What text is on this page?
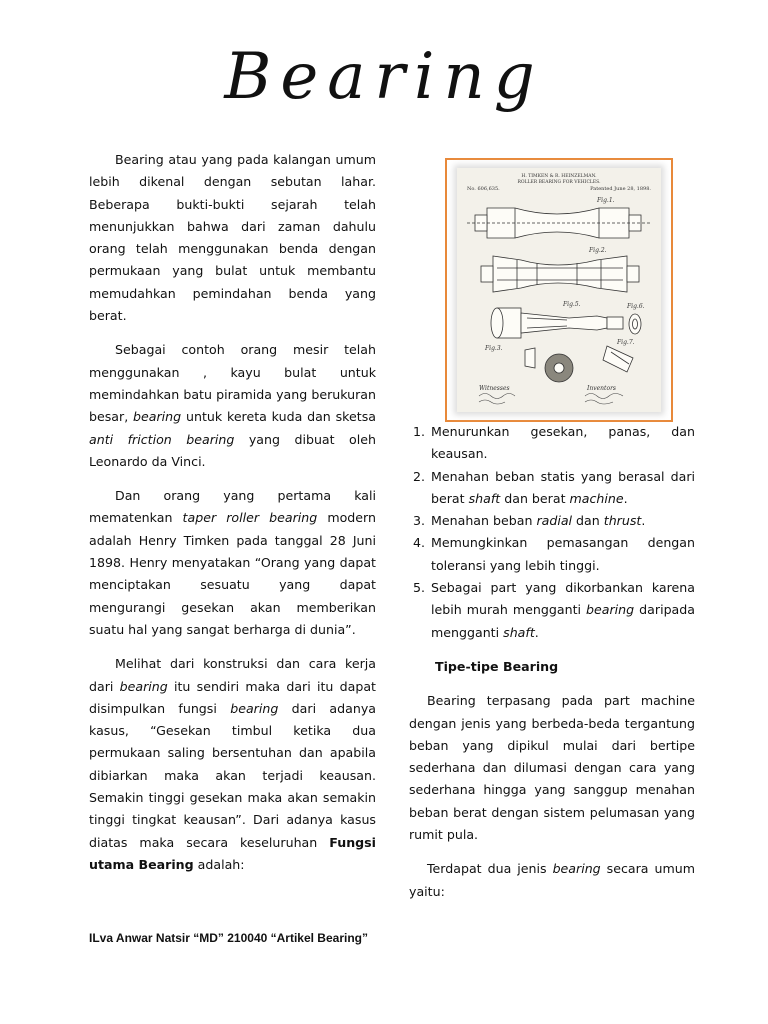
Bearing

Bearing atau yang pada kalangan umum lebih dikenal dengan sebutan lahar. Beberapa bukti-bukti sejarah telah menunjukkan bahwa dari zaman dahulu orang telah menggunakan benda dengan permukaan yang bulat untuk membantu memudahkan pemindahan benda yang berat.

Sebagai contoh orang mesir telah menggunakan , kayu bulat untuk memindahkan batu piramida yang berukuran besar, bearing untuk kereta kuda dan sketsa anti friction bearing yang dibuat oleh Leonardo da Vinci.

Dan orang yang pertama kali mematenkan taper roller bearing modern adalah Henry Timken pada tanggal 28 Juni 1898. Henry menyatakan “Orang yang dapat menciptakan sesuatu yang dapat mengurangi gesekan akan memberikan suatu hal yang sangat berharga di dunia”.

Melihat dari konstruksi dan cara kerja dari bearing itu sendiri maka dari itu dapat disimpulkan fungsi bearing dari adanya kasus, “Gesekan timbul ketika dua permukaan saling bersentuhan dan apabila dibiarkan maka akan terjadi keausan. Semakin tinggi gesekan maka akan semakin tinggi tingkat keausan”. Dari adanya kasus diatas maka secara keseluruhan Fungsi utama Bearing adalah:

H. TIMKEN & R. HEINZELMAN.
ROLLER BEARING FOR VEHICLES.
No. 606,635.	Patented June 28, 1898.
Fig.1.
Fig.2.
Fig.5.
Fig.3.
Fig.6.
Fig.7.
Witnesses	Inventors
1. Menurunkan gesekan, panas, dan keausan.
2. Menahan beban statis yang berasal dari berat shaft dan berat machine.
3. Menahan beban radial dan thrust.
4. Memungkinkan pemasangan dengan toleransi yang lebih tinggi.
5. Sebagai part yang dikorbankan karena lebih murah mengganti bearing daripada mengganti shaft.

Tipe-tipe Bearing

Bearing terpasang pada part machine dengan jenis yang berbeda-beda tergantung beban yang dipikul mulai dari bertipe sederhana dan dilumasi dengan cara yang sederhana hingga yang sanggup menahan beban berat dengan sistem pelumasan yang rumit pula.

Terdapat dua jenis bearing secara umum yaitu:

ILva Anwar Natsir “MD” 210040 “Artikel Bearing”
